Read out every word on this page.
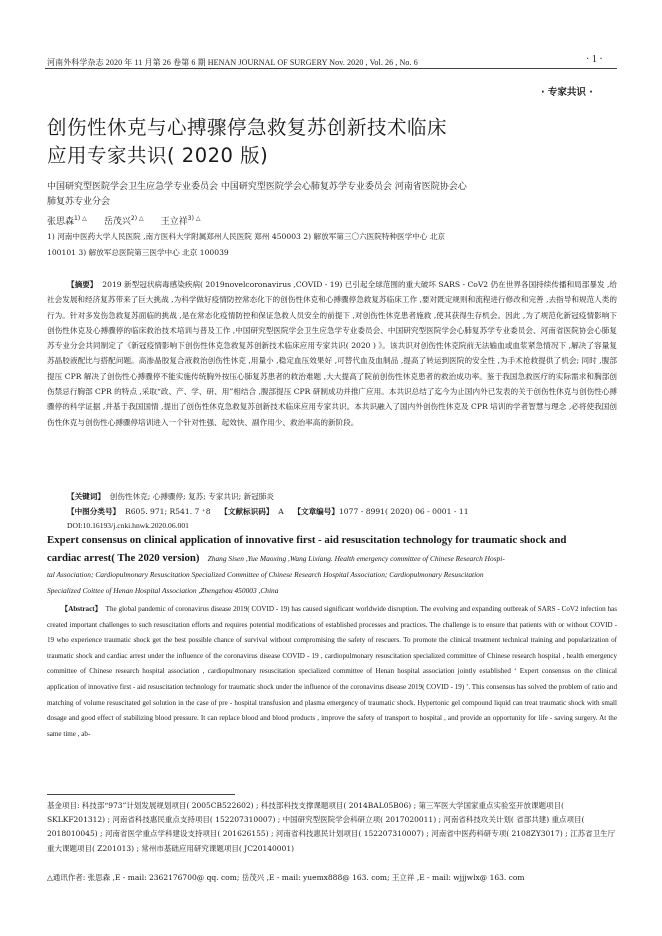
河南外科学杂志 2020 年 11 月第 26 卷第 6 期 HENAN JOURNAL OF SURGERY Nov. 2020 , Vol. 26 , No. 6	· 1 ·
· 专家共识 ·
创伤性休克与心搏骤停急救复苏创新技术临床
应用专家共识( 2020 版)
中国研究型医院学会卫生应急学专业委员会 中国研究型医院学会心肺复苏学专业委员会 河南省医院协会心
肺复苏专业分会
张思森$^{1) \triangle}$ 岳茂兴$^{2) \triangle}$ 王立祥$^{3) \triangle}$
1) 河南中医药大学人民医院 ,南方医科大学附属郑州人民医院 郑州 450003 2) 解放军第三〇六医院特种医学中心 北京
100101 3) 解放军总医院第三医学中心 北京 100039
【摘要】 2019 新型冠状病毒感染疾病( 2019novelcoronavirus ,COVID - 19) 已引起全球范围的重大破坏 SARS - CoV2 仍在世界各国持续传播和局部暴发 ,给社会发展和经济复苏带来了巨大挑战 ,为科学做好疫情防控常态化下的创伤性休克和心搏骤停急救复苏临床工作 ,要对既定规则和流程进行修改和完善 ,去指导和规范人类的行为。针对多发伤急救复苏面临的挑战 ,是在常态化疫情防控和保证急救人员安全的前提下 ,对创伤性休克患者施救 ,使其获得生存机会。因此 ,为了规范化新冠疫情影响下创伤性休克及心搏骤停的临床救治技术培训与普及工作 ,中国研究型医院学会卫生应急学专业委员会、中国研究型医院学会心肺复苏学专业委员会、河南省医院协会心肺复苏专业分会共同制定了《新冠疫情影响下创伤性休克急救复苏创新技术临床应用专家共识( 2020 ) 》。该共识对创伤性休克院前无法输血或血浆紧急情况下 ,解决了容量复苏晶胶液配比与搭配问题。高渗晶胶复合液救治创伤性休克 ,用量小 ,稳定血压效果好 ,可替代血及血制品 ,提高了转运到医院的安全性 ,为手术抢救提供了机会; 同时 ,腹部提压 CPR 解决了创伤性心搏骤停不能实施传统胸外按压心肺复苏患者的救治难题 ,大大提高了院前创伤性休克患者的救治成功率。鉴于我国急救医疗的实际需求和胸部创伤禁忌行胸部 CPR 的特点 ,采取“政、产、学、研、用”相结合 ,腹部提压 CPR 研制成功并推广应用。本共识总结了迄今为止国内外已发表的关于创伤性休克与创伤性心搏骤停的科学证据 ,并基于我国国情 ,提出了创伤性休克急救复苏创新技术临床应用专家共识。本共识融入了国内外创伤性休克及 CPR 培训的学者智慧与理念 ,必将使我国创伤性休克与创伤性心搏骤停培训进入一个针对性强、起效快、副作用少、救治率高的新阶段。
【关键词】 创伤性休克; 心搏骤停; 复苏; 专家共识; 新冠肺炎
【中图分类号】 R605. 971; R541. 7 ⁺8 【文献标识码】 A 【文章编号】1077 - 8991( 2020) 06 - 0001 - 11
DOI:10.16193/j.cnki.hnwk.2020.06.001
Expert consensus on clinical application of innovative first - aid resuscitation technology for traumatic shock and
cardiac arrest( The 2020 version) Zhang Sisen ,Yue Maoxing ,Wang Lixiang. Health emergency committee of Chinese Research Hospi-
tal Association; Cardiopulmonary Resuscitation Specialized Committee of Chinese Research Hospital Association; Cardiopulmonary Resuscitation
Specialized Coittee of Henan Hospital Association ,Zhengzhou 450003 ,China
【Abstract】 The global pandemic of coronavirus disease 2019( COVID - 19) has caused significant worldwide disruption. The evolving and expanding outbreak of SARS - CoV2 infection has created important challenges to such resuscitation efforts and requires potential modifications of established processes and practices. The challenge is to ensure that patients with or without COVID - 19 who experience traumatic shock get the best possible chance of survival without compromising the safety of rescuers. To promote the clinical treatment technical training and popularization of traumatic shock and cardiac arrest under the influence of the coronavirus disease COVID - 19 , cardiopulmonary resuscitation specialized committee of Chinese research hospital , health emergency committee of Chinese research hospital association , cardiopulmonary resuscitation specialized committee of Henan hospital association jointly established ‘ Expert consensus on the clinical application of innovative first - aid resuscitation technology for traumatic shock under the influence of the coronavirus disease 2019( COVID - 19) ’. This consensus has solved the problem of ratio and matching of volume resuscitated gel solution in the case of pre - hospital transfusion and plasma emergency of traumatic shock. Hypertonic gel compound liquid can treat traumatic shock with small dosage and good effect of stabilizing blood pressure. It can replace blood and blood products , improve the safety of transport to hospital , and provide an opportunity for life - saving surgery. At the same time , ab-
基金项目: 科技部“973”计划发展规划项目( 2005CB522602) ; 科技部科技支撑课题项目( 2014BAL05B06) ; 第三军医大学国家重点实验室开放课题项目( SKLKF201312) ; 河南省科技惠民重点支持项目( 152207310007) ; 中国研究型医院学会科研立项( 2017020011) ; 河南省科技攻关计划( 省部共建) 重点项目( 2018010045) ; 河南省医学重点学科建设支持项目( 201626155) ; 河南省科技惠民计划项目( 152207310007) ; 河南省中医药科研专项( 2108ZY3017) ; 江苏省卫生厅重大课题项目( Z201013) ; 常州市基础应用研究课题项目( JC20140001)
△通讯作者: 张思森 ,E - mail: 2362176700@ qq. com; 岳茂兴 ,E - mail: yuemx888@ 163. com; 王立祥 ,E - mail: wjjjwlx@ 163. com
